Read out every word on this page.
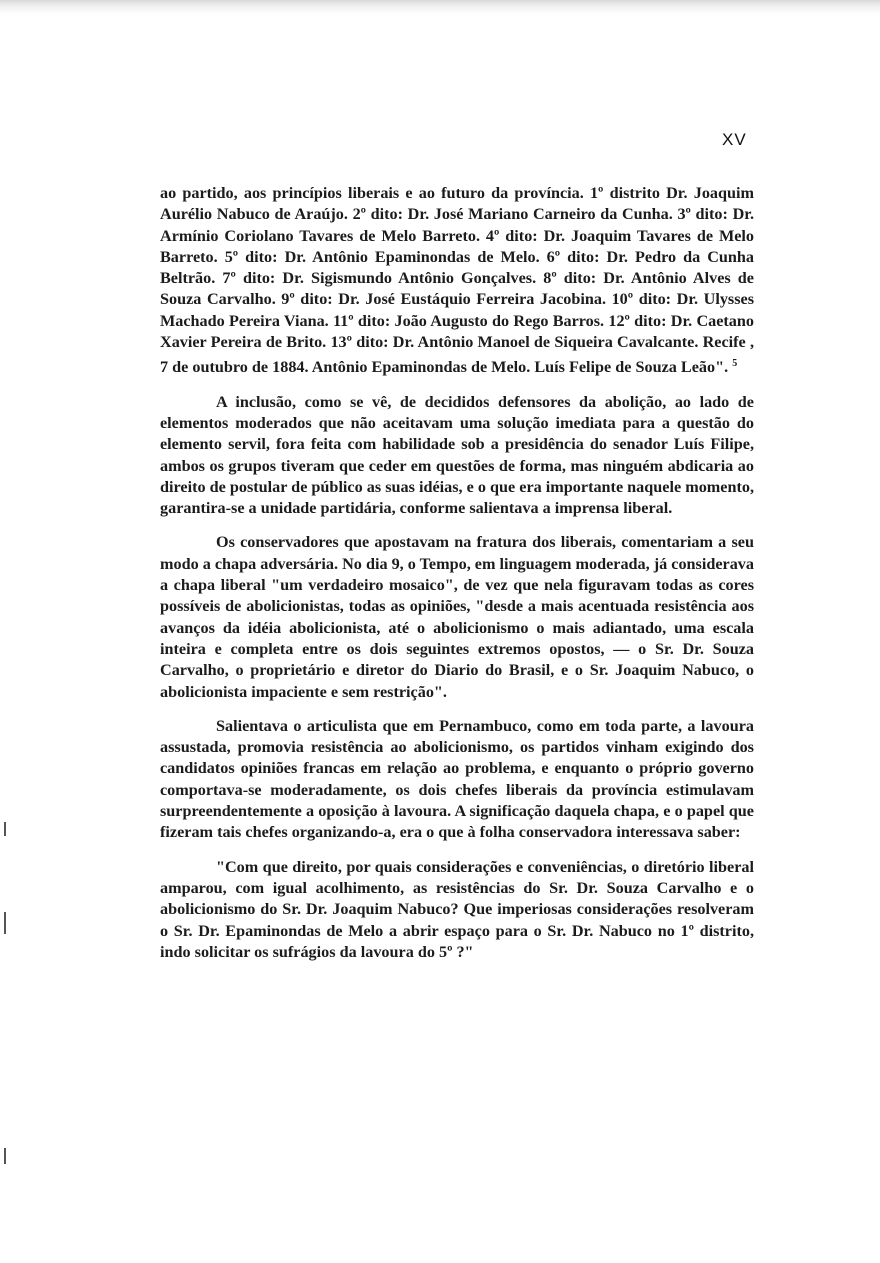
XV

ao partido, aos princípios liberais e ao futuro da província. 1º distrito Dr. Joaquim Aurélio Nabuco de Araújo. 2º dito: Dr. José Mariano Carneiro da Cunha. 3º dito: Dr. Armínio Coriolano Tavares de Melo Barreto. 4º dito: Dr. Joaquim Tavares de Melo Barreto. 5º dito: Dr. Antônio Epaminondas de Melo. 6º dito: Dr. Pedro da Cunha Beltrão. 7º dito: Dr. Sigismundo Antônio Gonçalves. 8º dito: Dr. Antônio Alves de Souza Carvalho. 9º dito: Dr. José Eustáquio Ferreira Jacobina. 10º dito: Dr. Ulysses Machado Pereira Viana. 11º dito: João Augusto do Rego Barros. 12º dito: Dr. Caetano Xavier Pereira de Brito. 13º dito: Dr. Antônio Manoel de Siqueira Cavalcante. Recife , 7 de outubro de 1884. Antônio Epaminondas de Melo. Luís Felipe de Souza Leão". $^5$

A inclusão, como se vê, de decididos defensores da abolição, ao lado de elementos moderados que não aceitavam uma solução imediata para a questão do elemento servil, fora feita com habilidade sob a presidência do senador Luís Filipe, ambos os grupos tiveram que ceder em questões de forma, mas ninguém abdicaria ao direito de postular de público as suas idéias, e o que era importante naquele momento, garantira-se a unidade partidária, conforme salientava a imprensa liberal.

Os conservadores que apostavam na fratura dos liberais, comentariam a seu modo a chapa adversária. No dia 9, o Tempo, em linguagem moderada, já considerava a chapa liberal "um verdadeiro mosaico", de vez que nela figuravam todas as cores possíveis de abolicionistas, todas as opiniões, "desde a mais acentuada resistência aos avanços da idéia abolicionista, até o abolicionismo o mais adiantado, uma escala inteira e completa entre os dois seguintes extremos opostos, — o Sr. Dr. Souza Carvalho, o proprietário e diretor do Diario do Brasil, e o Sr. Joaquim Nabuco, o abolicionista impaciente e sem restrição".

Salientava o articulista que em Pernambuco, como em toda parte, a lavoura assustada, promovia resistência ao abolicionismo, os partidos vinham exigindo dos candidatos opiniões francas em relação ao problema, e enquanto o próprio governo comportava-se moderadamente, os dois chefes liberais da província estimulavam surpreendentemente a oposição à lavoura. A significação daquela chapa, e o papel que fizeram tais chefes organizando-a, era o que à folha conservadora interessava saber:

"Com que direito, por quais considerações e conveniências, o diretório liberal amparou, com igual acolhimento, as resistências do Sr. Dr. Souza Carvalho e o abolicionismo do Sr. Dr. Joaquim Nabuco? Que imperiosas considerações resolveram o Sr. Dr. Epaminondas de Melo a abrir espaço para o Sr. Dr. Nabuco no 1º distrito, indo solicitar os sufrágios da lavoura do 5º ?"
